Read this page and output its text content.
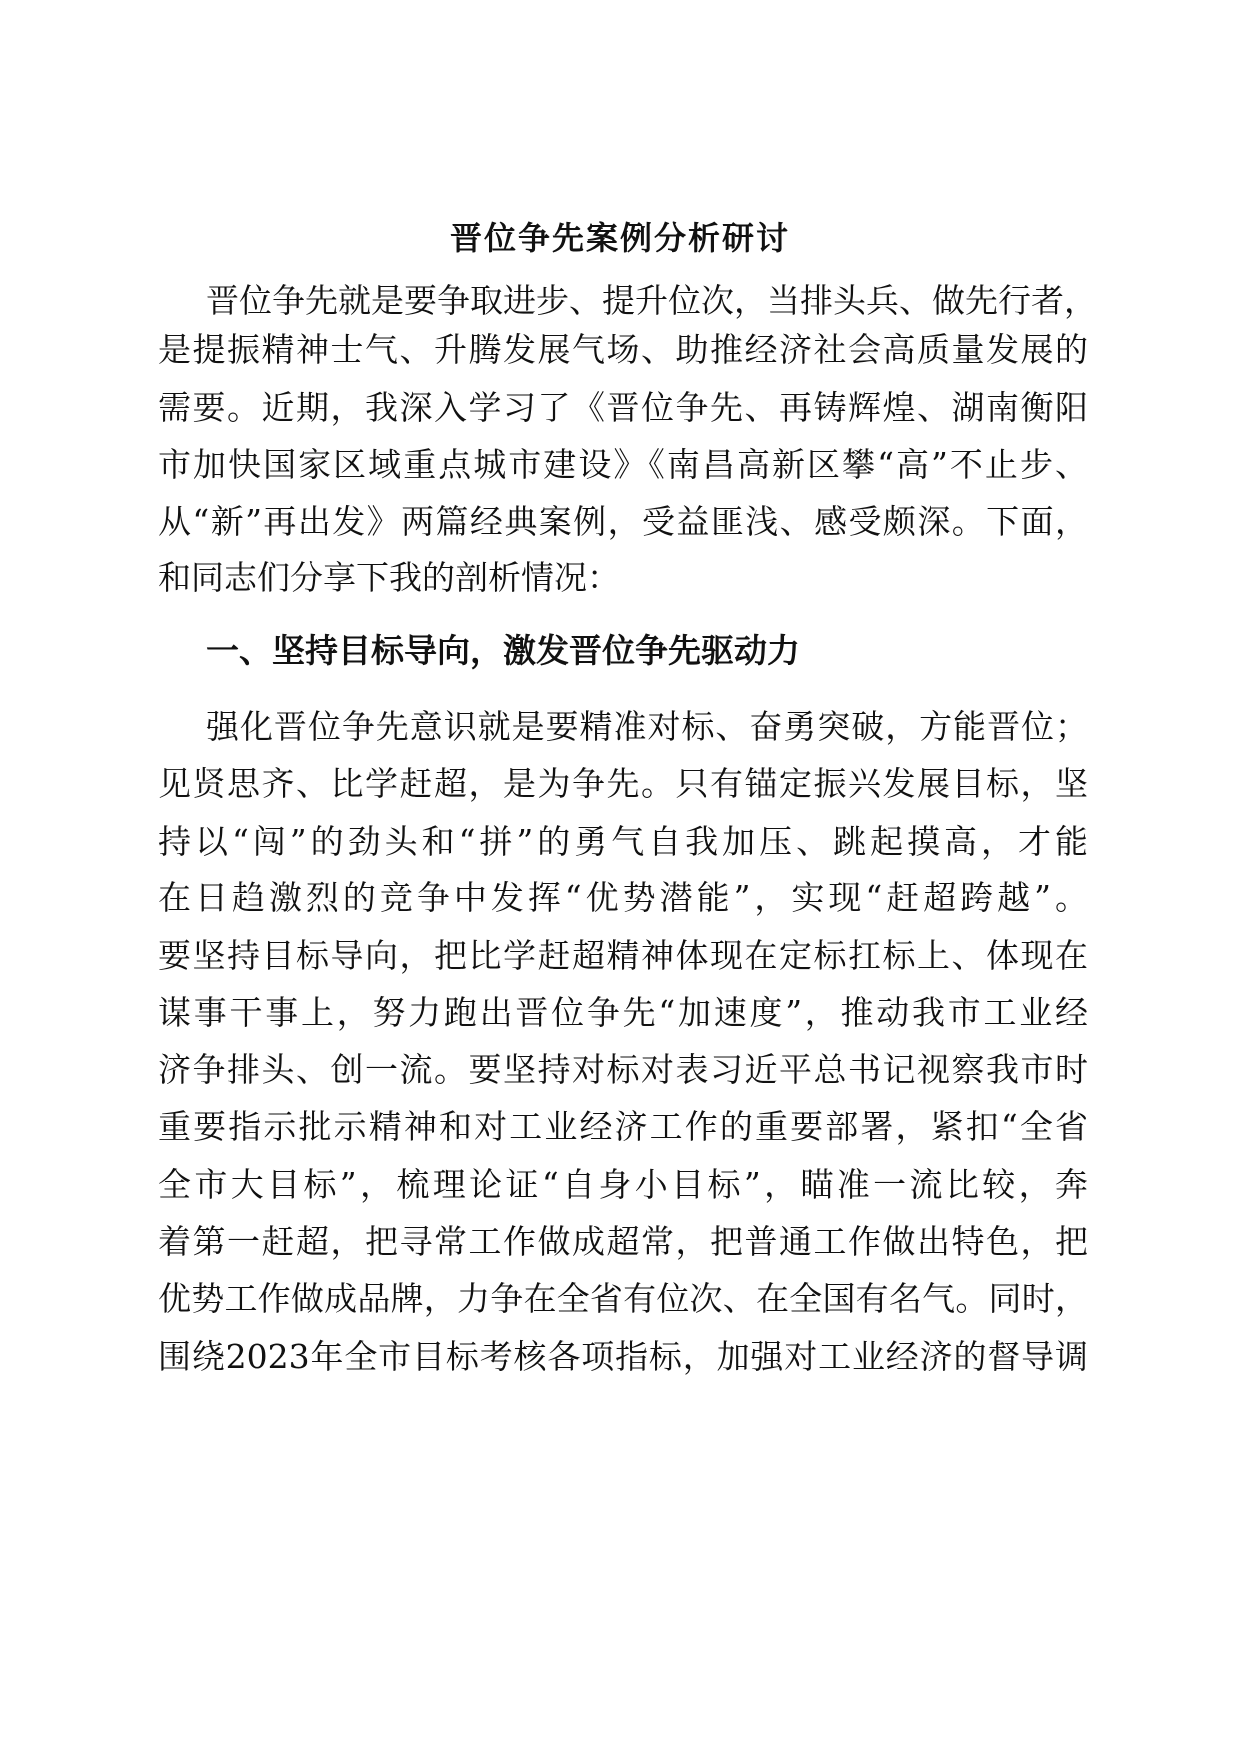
晋位争先案例分析研讨
晋位争先就是要争取进步、提升位次，当排头兵、做先行者，
是提振精神士气、升腾发展气场、助推经济社会高质量发展的
需要。近期，我深入学习了《晋位争先、再铸辉煌、湖南衡阳
市加快国家区域重点城市建设》《南昌高新区攀“高”不止步、
从“新”再出发》两篇经典案例，受益匪浅、感受颇深。下面，
和同志们分享下我的剖析情况：
一、坚持目标导向，激发晋位争先驱动力
强化晋位争先意识就是要精准对标、奋勇突破，方能晋位；
见贤思齐、比学赶超，是为争先。只有锚定振兴发展目标，坚
持以“闯”的劲头和“拼”的勇气自我加压、跳起摸高，才能
在日趋激烈的竞争中发挥“优势潜能”，实现“赶超跨越”。
要坚持目标导向，把比学赶超精神体现在定标扛标上、体现在
谋事干事上，努力跑出晋位争先“加速度”，推动我市工业经
济争排头、创一流。要坚持对标对表习近平总书记视察我市时
重要指示批示精神和对工业经济工作的重要部署，紧扣“全省
全市大目标”，梳理论证“自身小目标”，瞄准一流比较，奔
着第一赶超，把寻常工作做成超常，把普通工作做出特色，把
优势工作做成品牌，力争在全省有位次、在全国有名气。同时，
围绕2023年全市目标考核各项指标，加强对工业经济的督导调
